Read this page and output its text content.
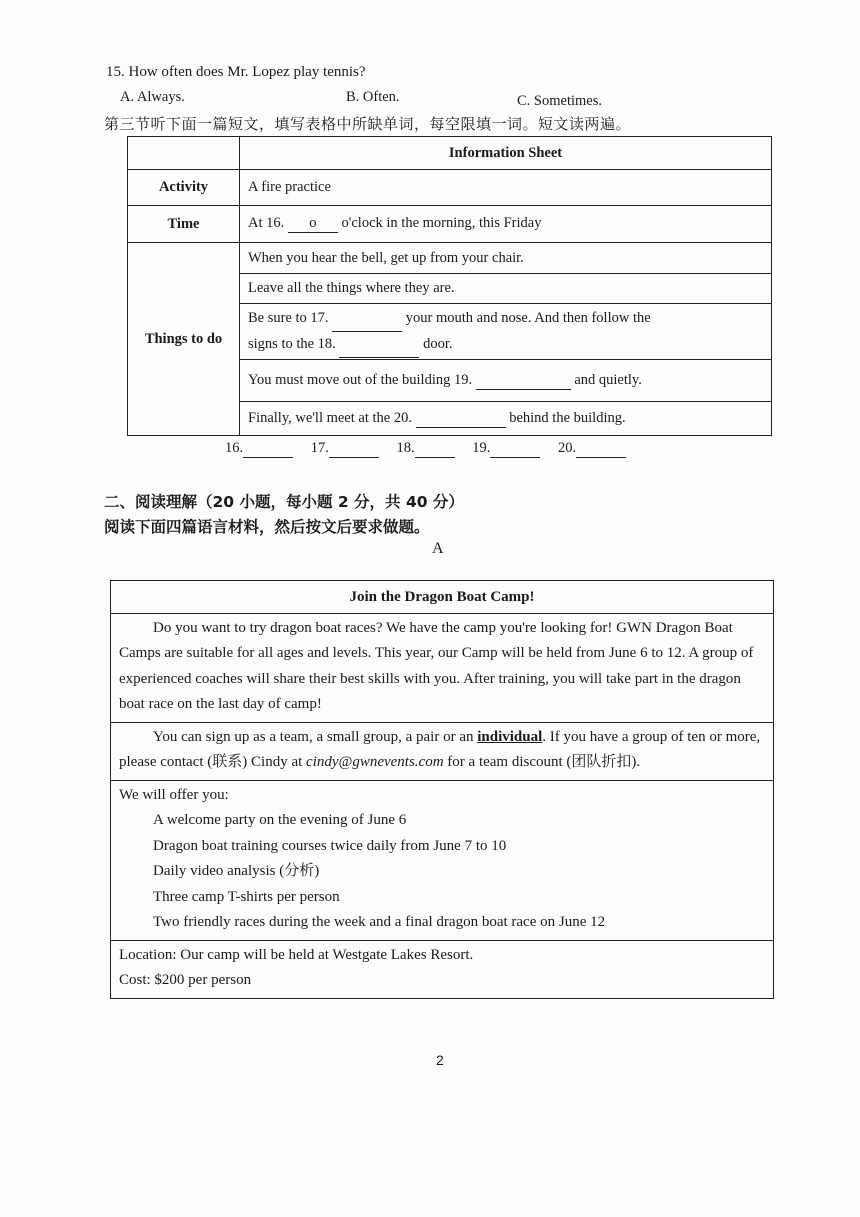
15. How often does Mr. Lopez play tennis?
A. Always.	B. Often.	C. Sometimes.
第三节听下面一篇短文，填写表格中所缺单词，每空限填一词。短文读两遍。
	Information Sheet
Activity	A fire practice
Time	At 16. o o'clock in the morning, this Friday
Things to do	When you hear the bell, get up from your chair.
	Leave all the things where they are.
	Be sure to 17. your mouth and nose. And then follow the
signs to the 18. door.
	You must move out of the building 19. and quietly.
	Finally, we'll meet at the 20. behind the building.
16.	17.	18.	19.	20.
二、阅读理解（20 小题，每小题 2 分，共 40 分）
阅读下面四篇语言材料，然后按文后要求做题。
A
Join the Dragon Boat Camp!
Do you want to try dragon boat races? We have the camp you're looking for! GWN Dragon Boat Camps are suitable for all ages and levels. This year, our Camp will be held from June 6 to 12. A group of experienced coaches will share their best skills with you. After training, you will take part in the dragon boat race on the last day of camp!
You can sign up as a team, a small group, a pair or an individual. If you have a group of ten or more, please contact (联系) Cindy at cindy@gwnevents.com for a team discount (团队折扣).
We will offer you:
A welcome party on the evening of June 6
Dragon boat training courses twice daily from June 7 to 10
Daily video analysis (分析)
Three camp T-shirts per person
Two friendly races during the week and a final dragon boat race on June 12
Location: Our camp will be held at Westgate Lakes Resort.
Cost: $200 per person
2
